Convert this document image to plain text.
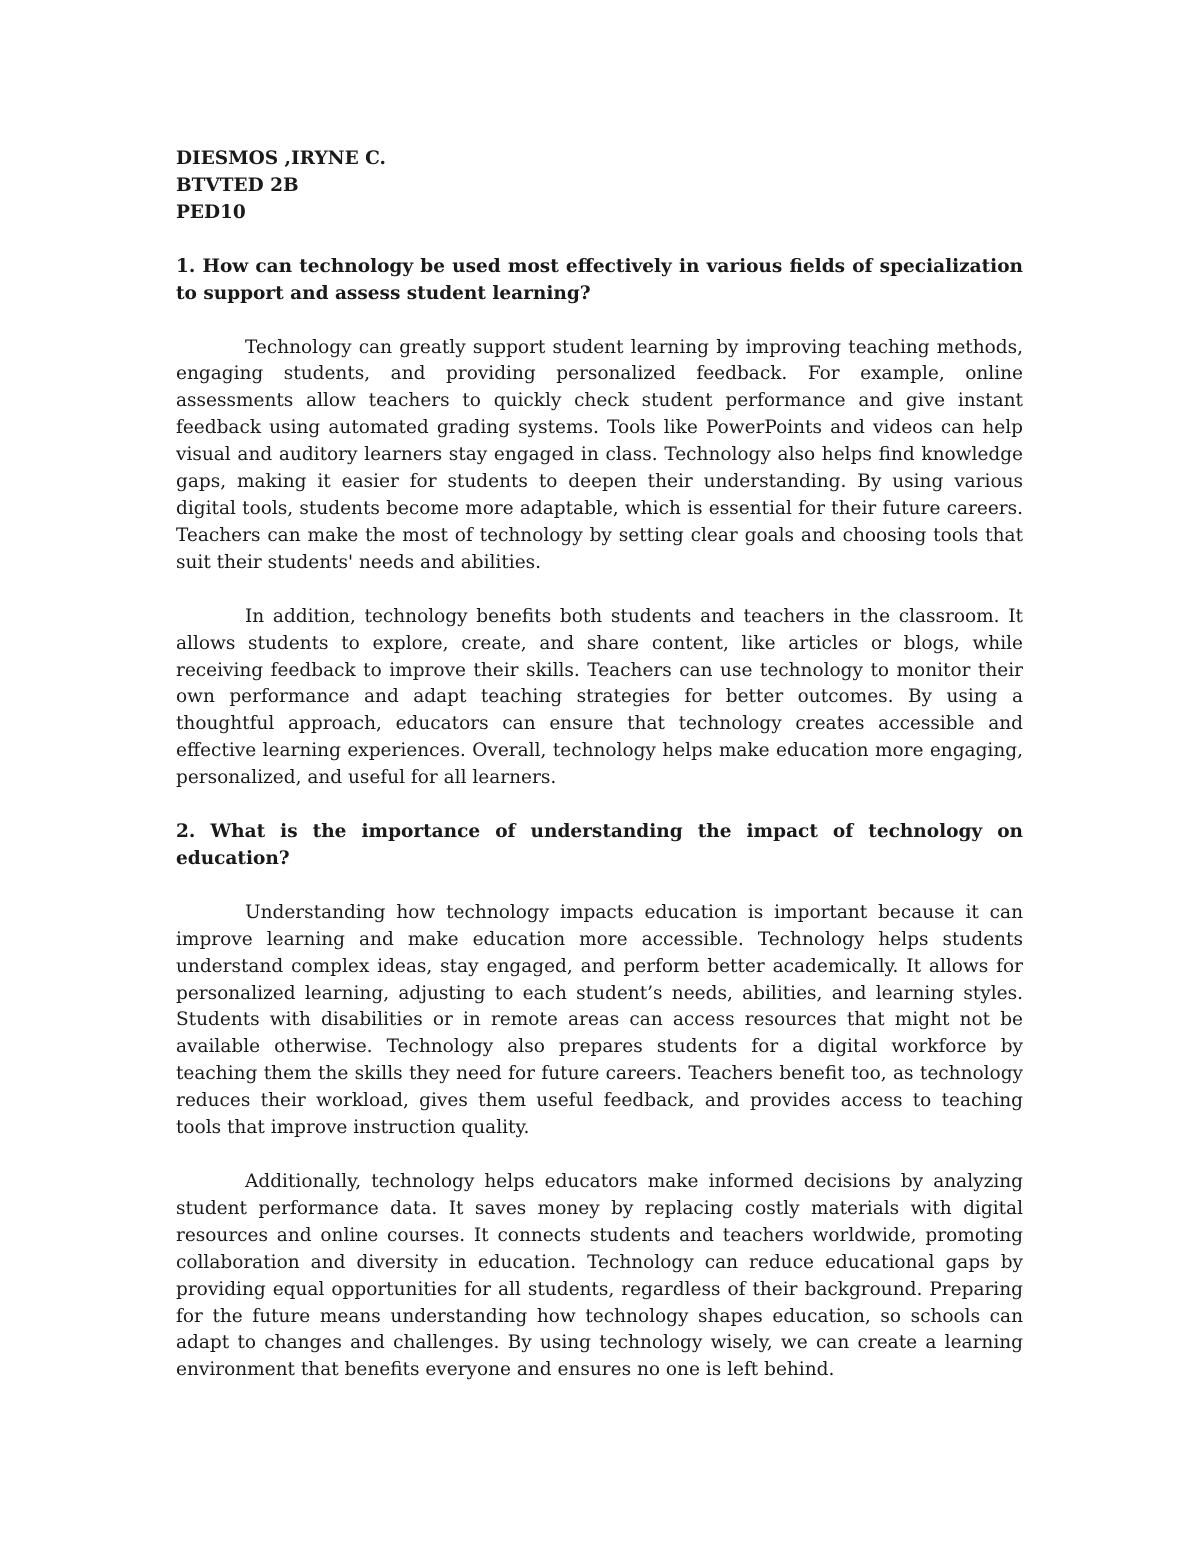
DIESMOS ,IRYNE C.

BTVTED 2B

PED10

1. How can technology be used most effectively in various fields of specialization to support and assess student learning?

Technology can greatly support student learning by improving teaching methods, engaging students, and providing personalized feedback. For example, online assessments allow teachers to quickly check student performance and give instant feedback using automated grading systems. Tools like PowerPoints and videos can help visual and auditory learners stay engaged in class. Technology also helps find knowledge gaps, making it easier for students to deepen their understanding. By using various digital tools, students become more adaptable, which is essential for their future careers. Teachers can make the most of technology by setting clear goals and choosing tools that suit their students' needs and abilities.

In addition, technology benefits both students and teachers in the classroom. It allows students to explore, create, and share content, like articles or blogs, while receiving feedback to improve their skills. Teachers can use technology to monitor their own performance and adapt teaching strategies for better outcomes. By using a thoughtful approach, educators can ensure that technology creates accessible and effective learning experiences. Overall, technology helps make education more engaging, personalized, and useful for all learners.

2. What is the importance of understanding the impact of technology on education?

Understanding how technology impacts education is important because it can improve learning and make education more accessible. Technology helps students understand complex ideas, stay engaged, and perform better academically. It allows for personalized learning, adjusting to each student’s needs, abilities, and learning styles. Students with disabilities or in remote areas can access resources that might not be available otherwise. Technology also prepares students for a digital workforce by teaching them the skills they need for future careers. Teachers benefit too, as technology reduces their workload, gives them useful feedback, and provides access to teaching tools that improve instruction quality.

Additionally, technology helps educators make informed decisions by analyzing student performance data. It saves money by replacing costly materials with digital resources and online courses. It connects students and teachers worldwide, promoting collaboration and diversity in education. Technology can reduce educational gaps by providing equal opportunities for all students, regardless of their background. Preparing for the future means understanding how technology shapes education, so schools can adapt to changes and challenges. By using technology wisely, we can create a learning environment that benefits everyone and ensures no one is left behind.
